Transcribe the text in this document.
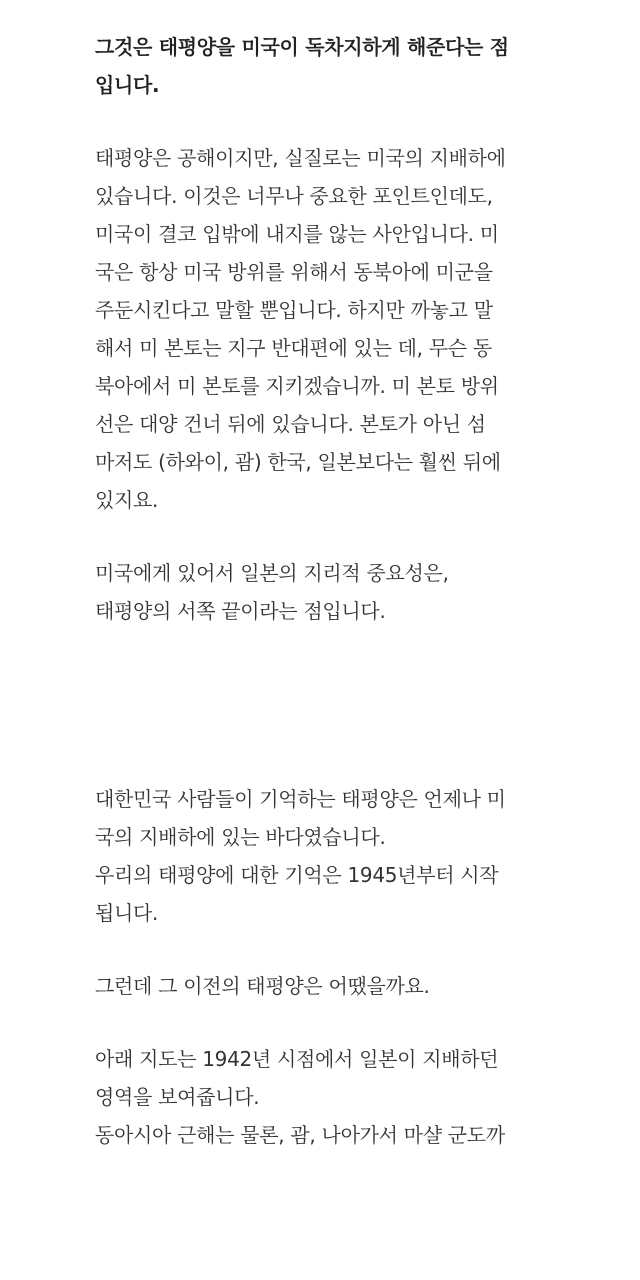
그것은 태평양을 미국이 독차지하게 해준다는 점
입니다.
태평양은 공해이지만, 실질로는 미국의 지배하에
있습니다. 이것은 너무나 중요한 포인트인데도,
미국이 결코 입밖에 내지를 않는 사안입니다. 미
국은 항상 미국 방위를 위해서 동북아에 미군을
주둔시킨다고 말할 뿐입니다. 하지만 까놓고 말
해서 미 본토는 지구 반대편에 있는 데, 무슨 동
북아에서 미 본토를 지키겠습니까. 미 본토 방위
선은 대양 건너 뒤에 있습니다. 본토가 아닌 섬
마저도 (하와이, 괌) 한국, 일본보다는 훨씬 뒤에
있지요.
미국에게 있어서 일본의 지리적 중요성은,
태평양의 서쪽 끝이라는 점입니다.
대한민국 사람들이 기억하는 태평양은 언제나 미
국의 지배하에 있는 바다였습니다.
우리의 태평양에 대한 기억은 1945년부터 시작
됩니다.
그런데 그 이전의 태평양은 어땠을까요.
아래 지도는 1942년 시점에서 일본이 지배하던
영역을 보여줍니다.
동아시아 근해는 물론, 괌, 나아가서 마샬 군도까
